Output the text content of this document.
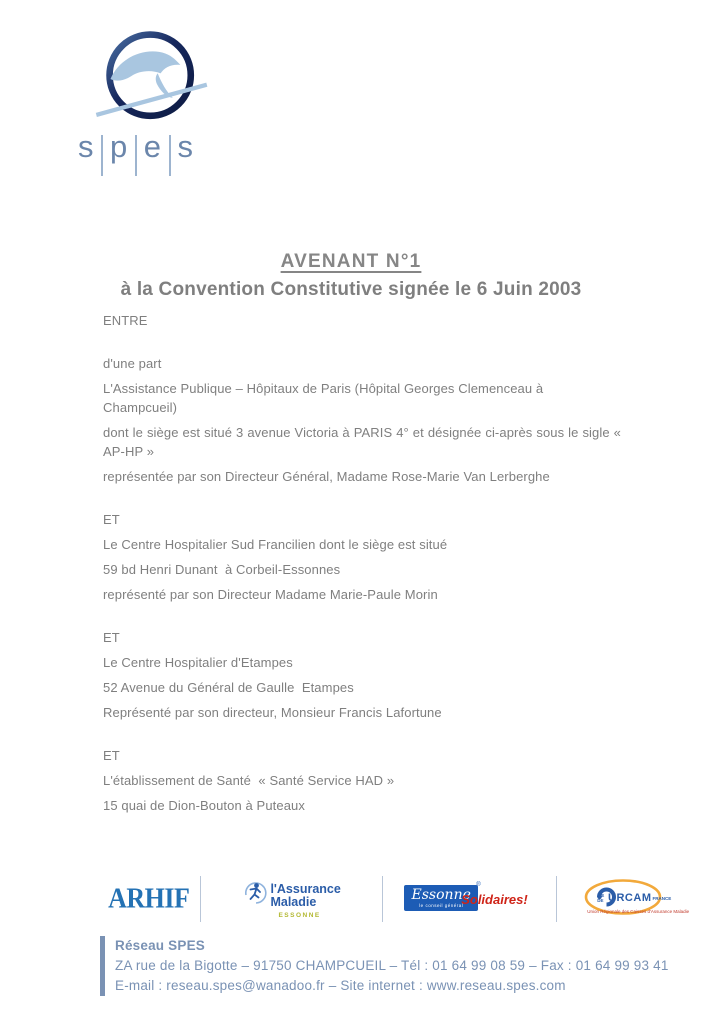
s p e s
AVENANT N°1
à la Convention Constitutive signée le 6 Juin 2003

ENTRE

d'une part

L'Assistance Publique – Hôpitaux de Paris (Hôpital Georges Clemenceau à Champcueil)

dont le siège est situé 3 avenue Victoria à PARIS 4° et désignée ci-après sous le sigle « AP-HP »

représentée par son Directeur Général, Madame Rose-Marie Van Lerberghe

ET

Le Centre Hospitalier Sud Francilien dont le siège est situé

59 bd Henri Dunant  à Corbeil-Essonnes

représenté par son Directeur Madame Marie-Paule Morin

ET

Le Centre Hospitalier d'Etampes

52 Avenue du Général de Gaulle  Etampes

Représenté par son directeur, Monsieur Francis Lafortune

ET

L'établissement de Santé  « Santé Service HAD »

15 quai de Dion-Bouton à Puteaux

ARHIF	l'Assurance
Maladie
ESSONNE
Essonne
le conseil général
®
Solidaires!	ILE DE URCAM FRANCE
Union Régionale des Caisses d'Assurance Maladie
Réseau SPES
ZA rue de la Bigotte – 91750 CHAMPCUEIL – Tél : 01 64 99 08 59 – Fax : 01 64 99 93 41
E-mail : reseau.spes@wanadoo.fr – Site internet : www.reseau.spes.com
